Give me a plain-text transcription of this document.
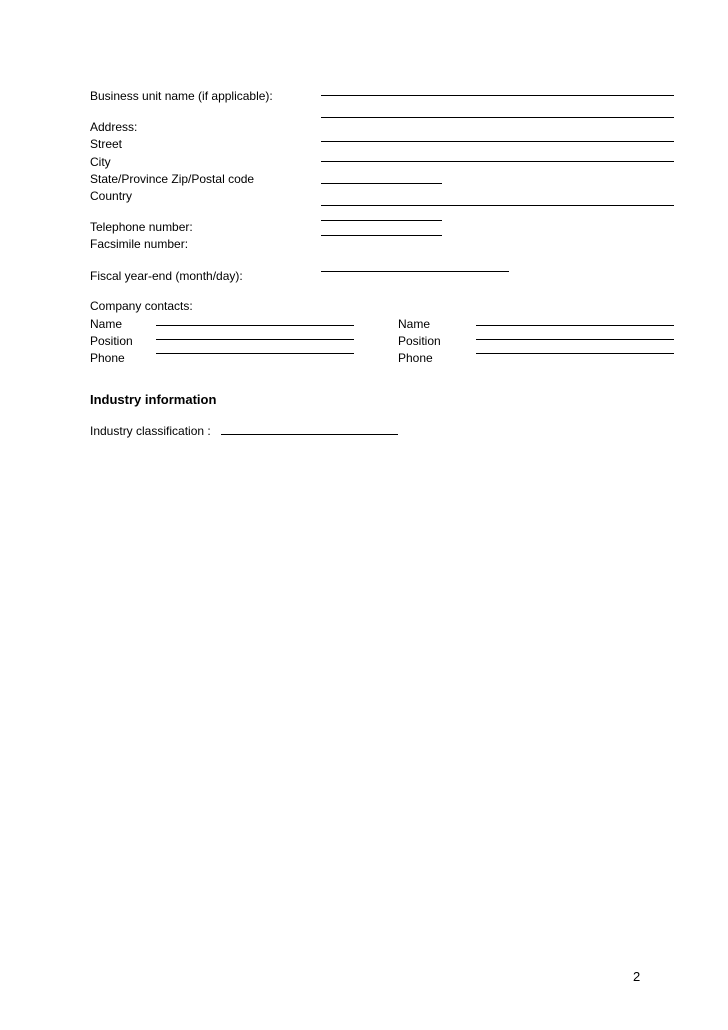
Business unit name (if applicable):
Address:
Street
City
State/Province Zip/Postal code
Country
Telephone number:
Facsimile number:
Fiscal year-end (month/day):
Company contacts:
Name	Name
Position	Position
Phone	Phone
Industry information
Industry classification :
2
